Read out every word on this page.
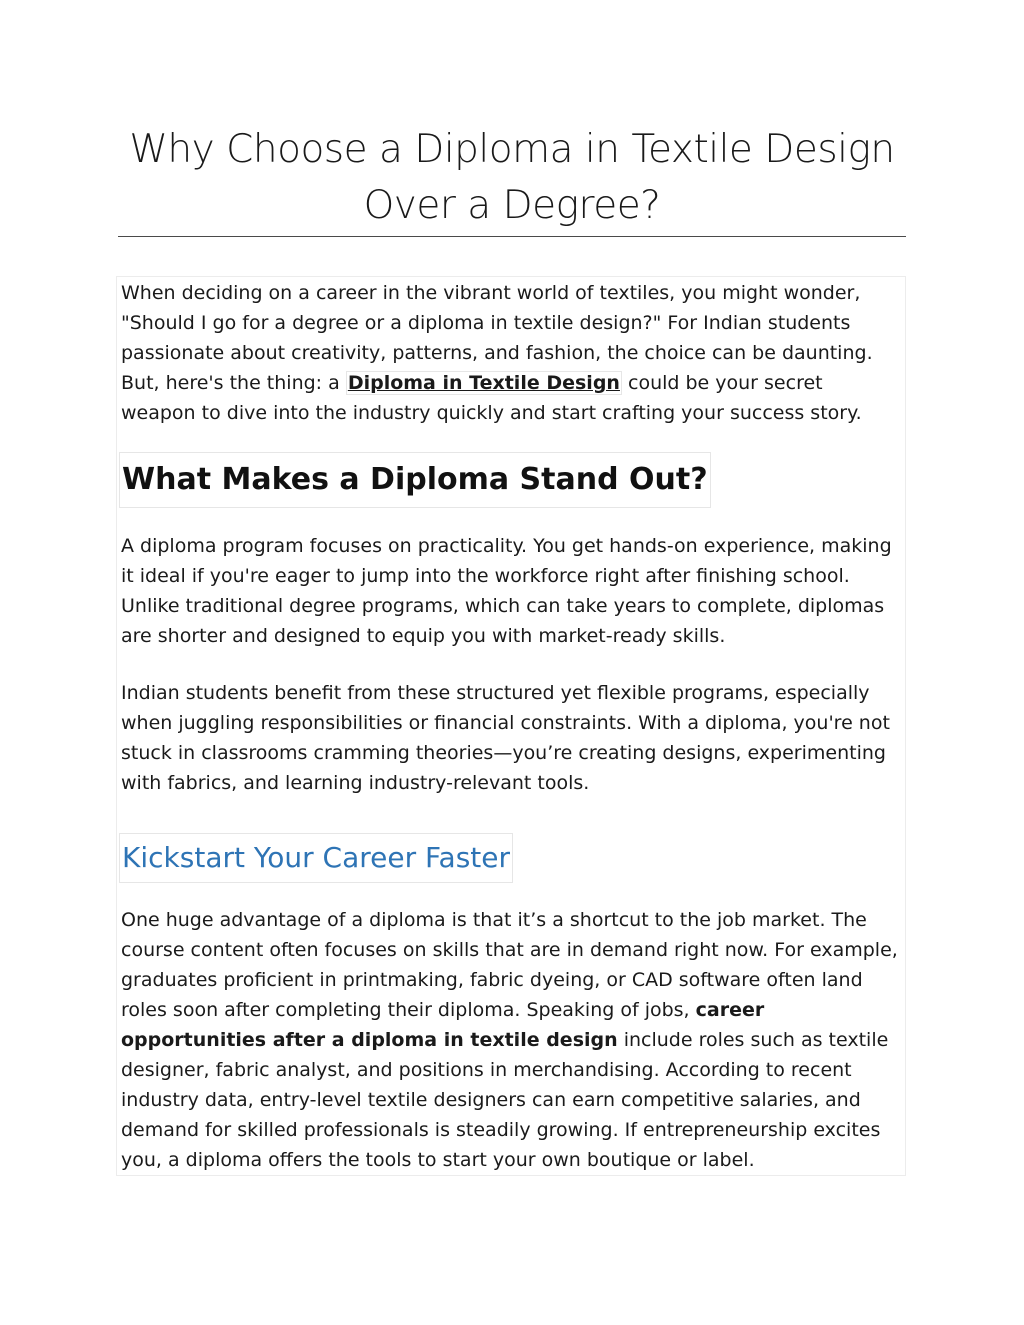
Why Choose a Diploma in Textile Design
Over a Degree?

When deciding on a career in the vibrant world of textiles, you might wonder, "Should I go for a degree or a diploma in textile design?" For Indian students passionate about creativity, patterns, and fashion, the choice can be daunting. But, here's the thing: a Diploma in Textile Design could be your secret weapon to dive into the industry quickly and start crafting your success story.

What Makes a Diploma Stand Out?

A diploma program focuses on practicality. You get hands-on experience, making it ideal if you're eager to jump into the workforce right after finishing school. Unlike traditional degree programs, which can take years to complete, diplomas are shorter and designed to equip you with market-ready skills.

Indian students benefit from these structured yet flexible programs, especially when juggling responsibilities or financial constraints. With a diploma, you're not stuck in classrooms cramming theories—you’re creating designs, experimenting with fabrics, and learning industry-relevant tools.

Kickstart Your Career Faster

One huge advantage of a diploma is that it’s a shortcut to the job market. The course content often focuses on skills that are in demand right now. For example, graduates proficient in printmaking, fabric dyeing, or CAD software often land roles soon after completing their diploma. Speaking of jobs, career opportunities after a diploma in textile design include roles such as textile designer, fabric analyst, and positions in merchandising. According to recent industry data, entry-level textile designers can earn competitive salaries, and demand for skilled professionals is steadily growing. If entrepreneurship excites you, a diploma offers the tools to start your own boutique or label.
